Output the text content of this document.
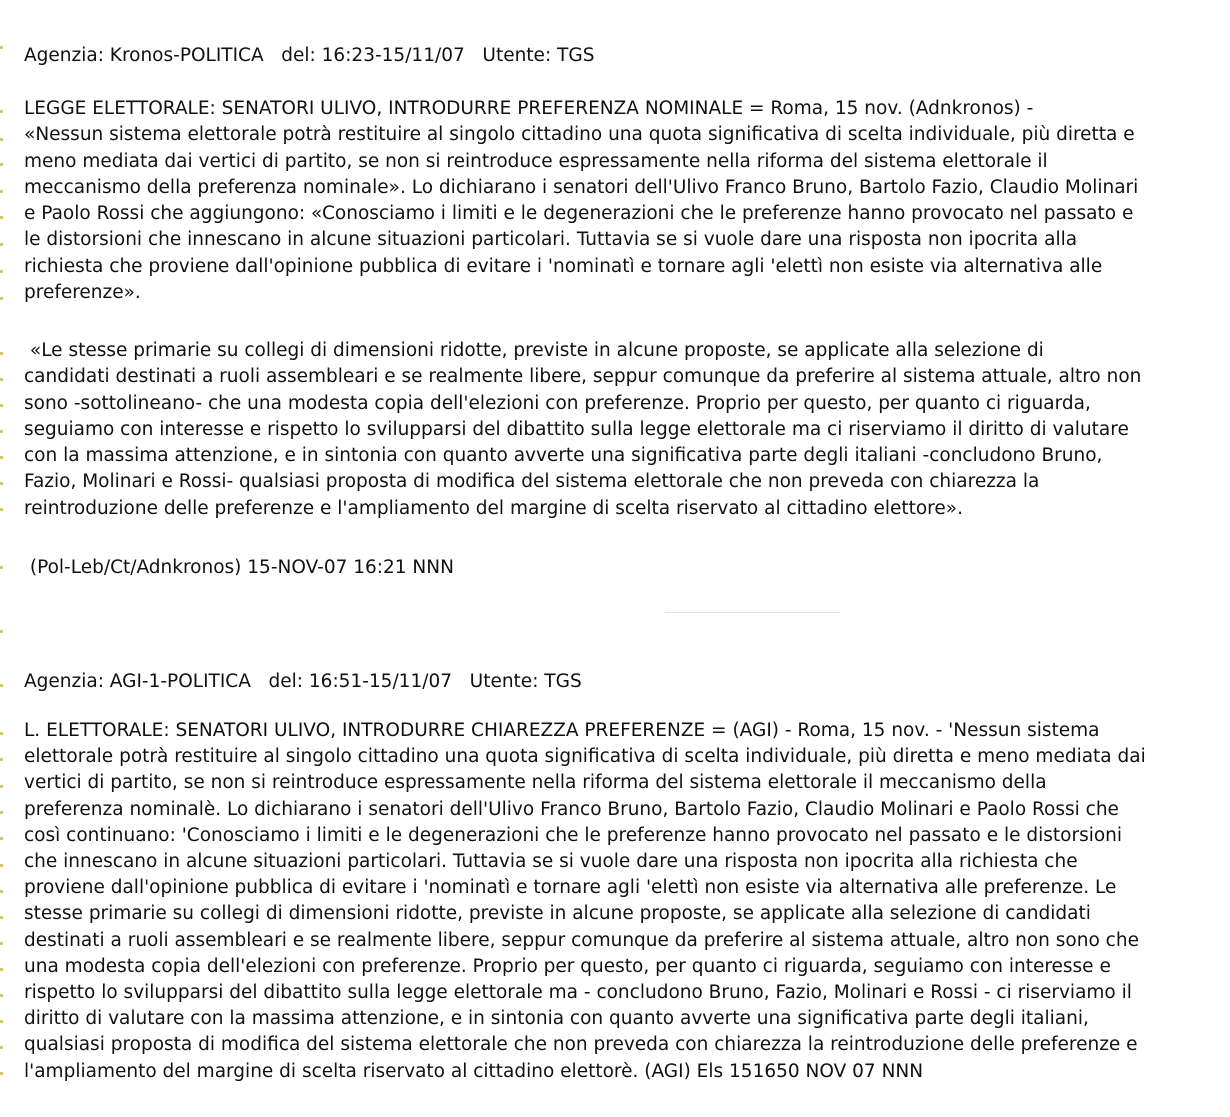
Agenzia: Kronos-POLITICA del: 16:23-15/11/07 Utente: TGS
LEGGE ELETTORALE: SENATORI ULIVO, INTRODURRE PREFERENZA NOMINALE = Roma, 15 nov. (Adnkronos) -
«Nessun sistema elettorale potrà restituire al singolo cittadino una quota significativa di scelta individuale, più diretta e
meno mediata dai vertici di partito, se non si reintroduce espressamente nella riforma del sistema elettorale il
meccanismo della preferenza nominale». Lo dichiarano i senatori dell'Ulivo Franco Bruno, Bartolo Fazio, Claudio Molinari
e Paolo Rossi che aggiungono: «Conosciamo i limiti e le degenerazioni che le preferenze hanno provocato nel passato e
le distorsioni che innescano in alcune situazioni particolari. Tuttavia se si vuole dare una risposta non ipocrita alla
richiesta che proviene dall'opinione pubblica di evitare i 'nominatì e tornare agli 'elettì non esiste via alternativa alle
preferenze».
«Le stesse primarie su collegi di dimensioni ridotte, previste in alcune proposte, se applicate alla selezione di
candidati destinati a ruoli assembleari e se realmente libere, seppur comunque da preferire al sistema attuale, altro non
sono -sottolineano- che una modesta copia dell'elezioni con preferenze. Proprio per questo, per quanto ci riguarda,
seguiamo con interesse e rispetto lo svilupparsi del dibattito sulla legge elettorale ma ci riserviamo il diritto di valutare
con la massima attenzione, e in sintonia con quanto avverte una significativa parte degli italiani -concludono Bruno,
Fazio, Molinari e Rossi- qualsiasi proposta di modifica del sistema elettorale che non preveda con chiarezza la
reintroduzione delle preferenze e l'ampliamento del margine di scelta riservato al cittadino elettore».
(Pol-Leb/Ct/Adnkronos) 15-NOV-07 16:21 NNN
Agenzia: AGI-1-POLITICA del: 16:51-15/11/07 Utente: TGS
L. ELETTORALE: SENATORI ULIVO, INTRODURRE CHIAREZZA PREFERENZE = (AGI) - Roma, 15 nov. - 'Nessun sistema
elettorale potrà restituire al singolo cittadino una quota significativa di scelta individuale, più diretta e meno mediata dai
vertici di partito, se non si reintroduce espressamente nella riforma del sistema elettorale il meccanismo della
preferenza nominalè. Lo dichiarano i senatori dell'Ulivo Franco Bruno, Bartolo Fazio, Claudio Molinari e Paolo Rossi che
così continuano: 'Conosciamo i limiti e le degenerazioni che le preferenze hanno provocato nel passato e le distorsioni
che innescano in alcune situazioni particolari. Tuttavia se si vuole dare una risposta non ipocrita alla richiesta che
proviene dall'opinione pubblica di evitare i 'nominatì e tornare agli 'elettì non esiste via alternativa alle preferenze. Le
stesse primarie su collegi di dimensioni ridotte, previste in alcune proposte, se applicate alla selezione di candidati
destinati a ruoli assembleari e se realmente libere, seppur comunque da preferire al sistema attuale, altro non sono che
una modesta copia dell'elezioni con preferenze. Proprio per questo, per quanto ci riguarda, seguiamo con interesse e
rispetto lo svilupparsi del dibattito sulla legge elettorale ma - concludono Bruno, Fazio, Molinari e Rossi - ci riserviamo il
diritto di valutare con la massima attenzione, e in sintonia con quanto avverte una significativa parte degli italiani,
qualsiasi proposta di modifica del sistema elettorale che non preveda con chiarezza la reintroduzione delle preferenze e
l'ampliamento del margine di scelta riservato al cittadino elettorè. (AGI) Els 151650 NOV 07 NNN
